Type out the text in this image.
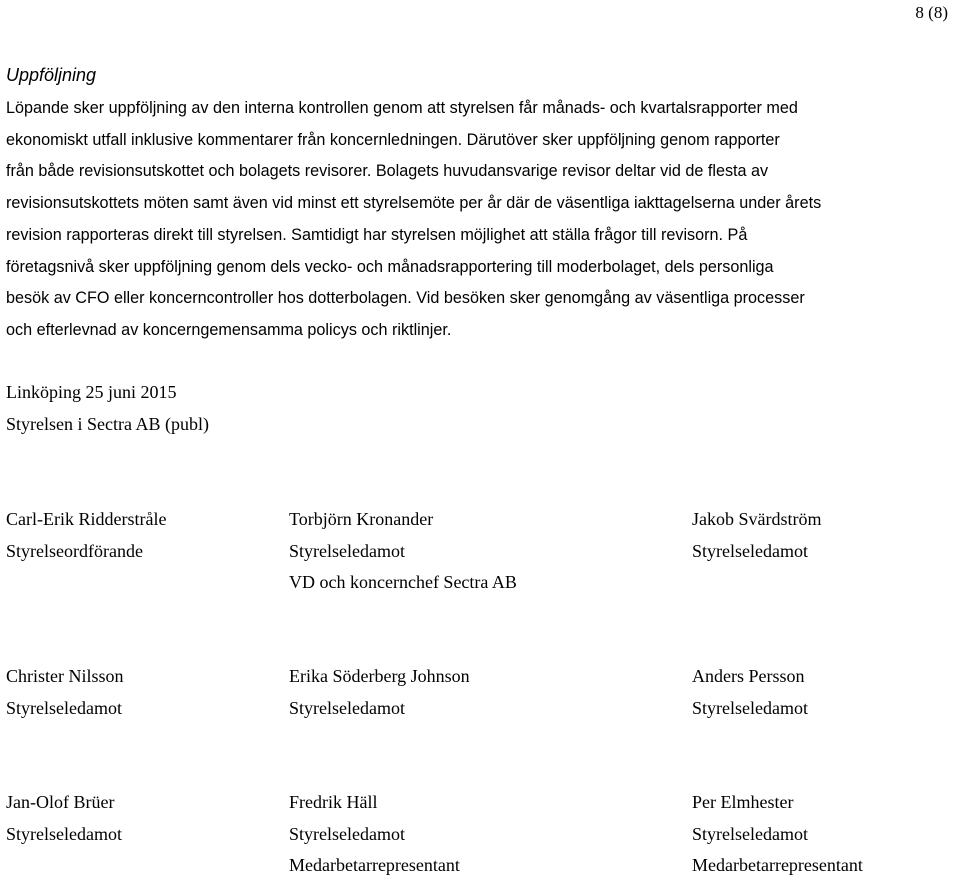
8 (8)
Uppföljning

Löpande sker uppföljning av den interna kontrollen genom att styrelsen får månads- och kvartalsrapporter med
ekonomiskt utfall inklusive kommentarer från koncernledningen. Därutöver sker uppföljning genom rapporter
från både revisionsutskottet och bolagets revisorer. Bolagets huvudansvarige revisor deltar vid de flesta av
revisionsutskottets möten samt även vid minst ett styrelsemöte per år där de väsentliga iakttagelserna under årets
revision rapporteras direkt till styrelsen. Samtidigt har styrelsen möjlighet att ställa frågor till revisorn. På
företagsnivå sker uppföljning genom dels vecko- och månadsrapportering till moderbolaget, dels personliga
besök av CFO eller koncerncontroller hos dotterbolagen. Vid besöken sker genomgång av väsentliga processer
och efterlevnad av koncerngemensamma policys och riktlinjer.

Linköping 25 juni 2015
Styrelsen i Sectra AB (publ)
Carl-Erik Ridderstråle
Styrelseordförande
Torbjörn Kronander
Styrelseledamot
VD och koncernchef Sectra AB
Jakob Svärdström
Styrelseledamot
Christer Nilsson
Styrelseledamot
Erika Söderberg Johnson
Styrelseledamot
Anders Persson
Styrelseledamot
Jan-Olof Brüer
Styrelseledamot
Fredrik Häll
Styrelseledamot
Medarbetarrepresentant
Per Elmhester
Styrelseledamot
Medarbetarrepresentant
